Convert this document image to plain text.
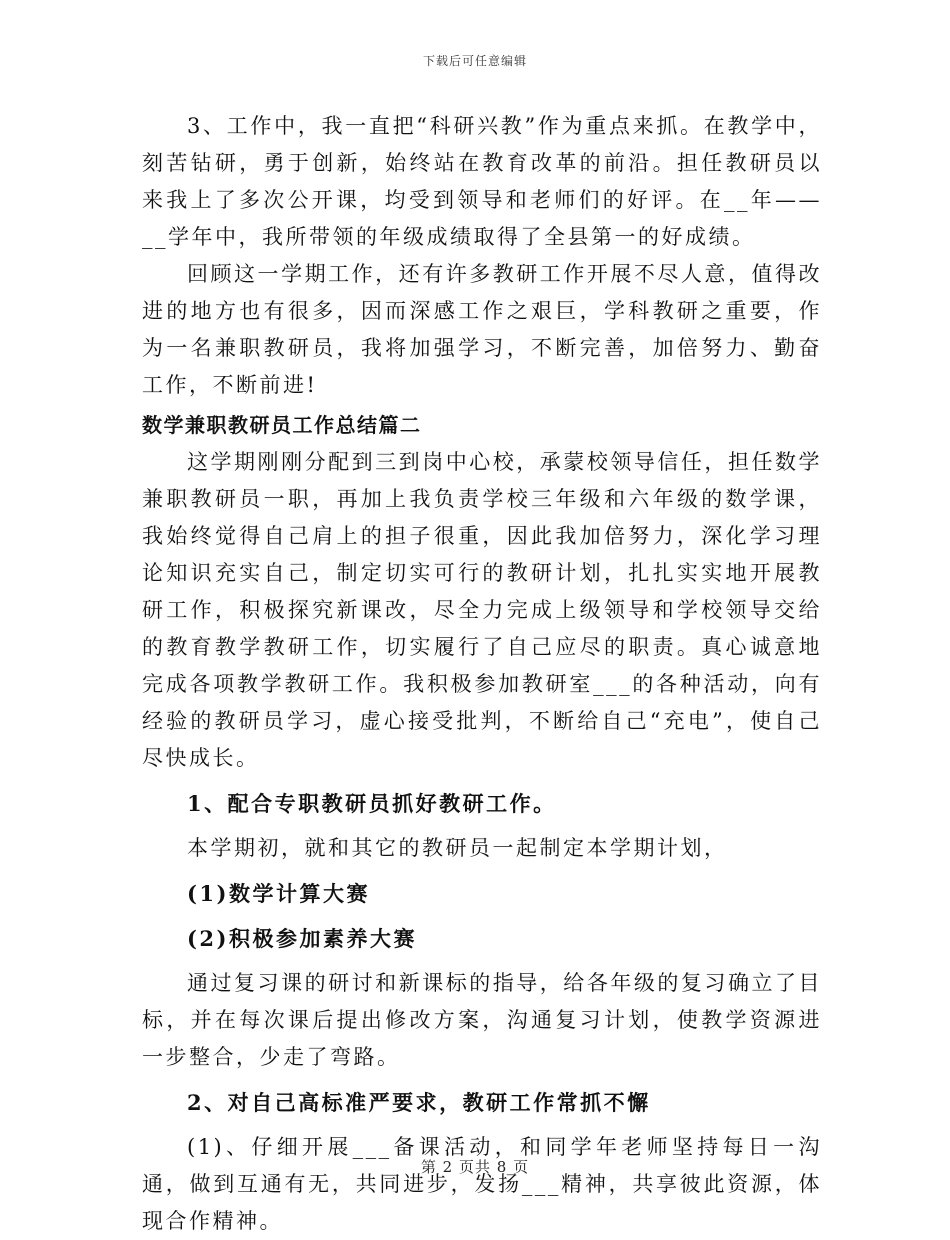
下载后可任意编辑

3、工作中，我一直把“科研兴教”作为重点来抓。在教学中，刻苦钻研，勇于创新，始终站在教育改革的前沿。担任教研员以来我上了多次公开课，均受到领导和老师们的好评。在__年——__学年中，我所带领的年级成绩取得了全县第一的好成绩。

回顾这一学期工作，还有许多教研工作开展不尽人意，值得改进的地方也有很多，因而深感工作之艰巨，学科教研之重要，作为一名兼职教研员，我将加强学习，不断完善，加倍努力、勤奋工作，不断前进!

数学兼职教研员工作总结篇二

这学期刚刚分配到三到岗中心校，承蒙校领导信任，担任数学兼职教研员一职，再加上我负责学校三年级和六年级的数学课，我始终觉得自己肩上的担子很重，因此我加倍努力，深化学习理论知识充实自己，制定切实可行的教研计划，扎扎实实地开展教研工作，积极探究新课改，尽全力完成上级领导和学校领导交给的教育教学教研工作，切实履行了自己应尽的职责。真心诚意地完成各项教学教研工作。我积极参加教研室___的各种活动，向有经验的教研员学习，虚心接受批判，不断给自己“充电”，使自己尽快成长。

1、配合专职教研员抓好教研工作。

本学期初，就和其它的教研员一起制定本学期计划，

(1)数学计算大赛

(2)积极参加素养大赛

通过复习课的研讨和新课标的指导，给各年级的复习确立了目标，并在每次课后提出修改方案，沟通复习计划，使教学资源进一步整合，少走了弯路。

2、对自己高标准严要求，教研工作常抓不懈

(1)、仔细开展___备课活动，和同学年老师坚持每日一沟通，做到互通有无，共同进步，发扬___精神，共享彼此资源，体现合作精神。

第 2 页共 8 页
